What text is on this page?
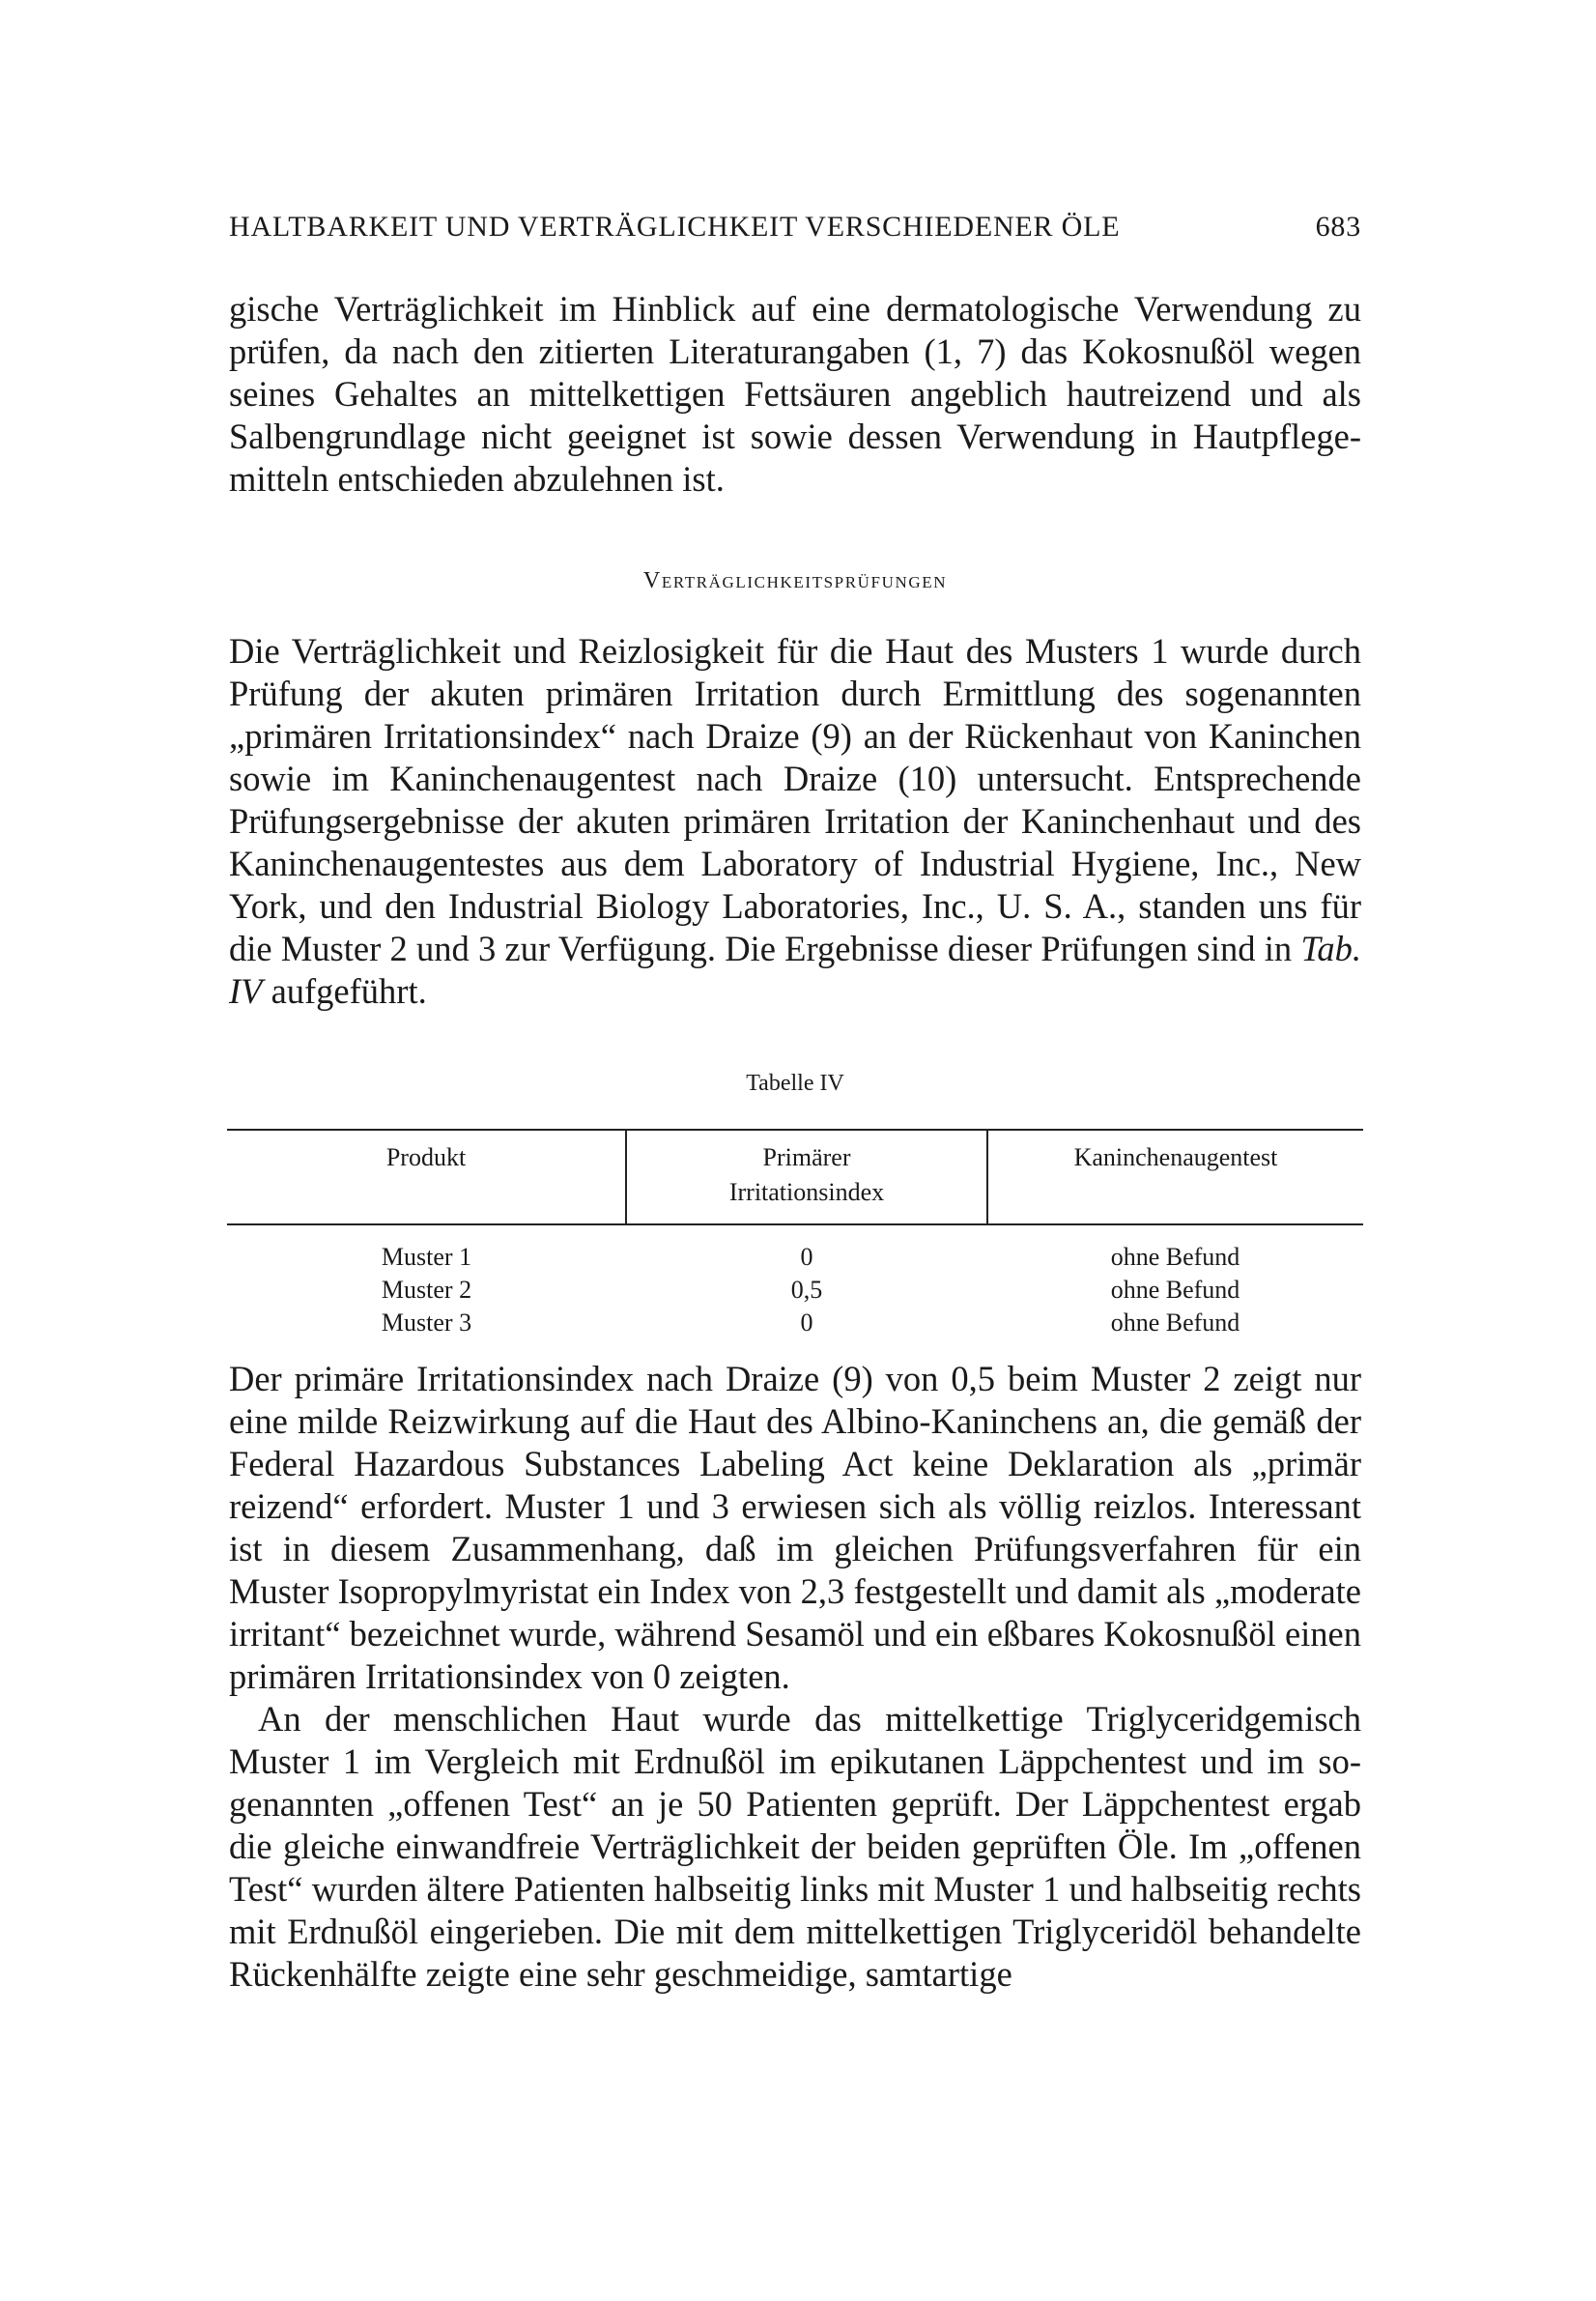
HALTBARKEIT UND VERTRÄGLICHKEIT VERSCHIEDENER ÖLE	683

gische Verträglichkeit im Hinblick auf eine dermatologische Verwendung zu prüfen, da nach den zitierten Literaturangaben (1, 7) das Kokosnußöl wegen seines Gehaltes an mittelkettigen Fettsäuren angeblich hautreizend und als Salbengrundlage nicht geeignet ist sowie dessen Verwendung in Hautpflegemitteln entschieden abzulehnen ist.

Verträglichkeitsprüfungen

Die Verträglichkeit und Reizlosigkeit für die Haut des Musters 1 wurde durch Prüfung der akuten primären Irritation durch Ermittlung des sogenannten „primären Irritationsindex“ nach Draize (9) an der Rückenhaut von Kaninchen sowie im Kaninchenaugentest nach Draize (10) untersucht. Entsprechende Prüfungsergebnisse der akuten primären Irritation der Kaninchenhaut und des Kaninchenaugentestes aus dem Laboratory of Industrial Hygiene, Inc., New York, und den Industrial Biology Laboratories, Inc., U. S. A., standen uns für die Muster 2 und 3 zur Verfügung. Die Ergebnisse dieser Prüfungen sind in Tab. IV aufgeführt.

Tabelle IV
Produkt	Primärer Irritationsindex	Kaninchenaugentest
Muster 1	0	ohne Befund
Muster 2	0,5	ohne Befund
Muster 3	0	ohne Befund

Der primäre Irritationsindex nach Draize (9) von 0,5 beim Muster 2 zeigt nur eine milde Reizwirkung auf die Haut des Albino-Kaninchens an, die gemäß der Federal Hazardous Substances Labeling Act keine Deklaration als „primär reizend“ erfordert. Muster 1 und 3 erwiesen sich als völlig reizlos. Interessant ist in diesem Zusammenhang, daß im gleichen Prüfungsverfahren für ein Muster Isopropylmyristat ein Index von 2,3 festgestellt und damit als „moderate irritant“ bezeichnet wurde, während Sesamöl und ein eßbares Kokosnußöl einen primären Irritationsindex von 0 zeigten.

An der menschlichen Haut wurde das mittelkettige Triglyceridgemisch Muster 1 im Vergleich mit Erdnußöl im epikutanen Läppchentest und im sogenannten „offenen Test“ an je 50 Patienten geprüft. Der Läppchentest ergab die gleiche einwandfreie Verträglichkeit der beiden geprüften Öle. Im „offenen Test“ wurden ältere Patienten halbseitig links mit Muster 1 und halbseitig rechts mit Erdnußöl eingerieben. Die mit dem mittelkettigen Triglyceridöl behandelte Rückenhälfte zeigte eine sehr geschmeidige, samtartige
